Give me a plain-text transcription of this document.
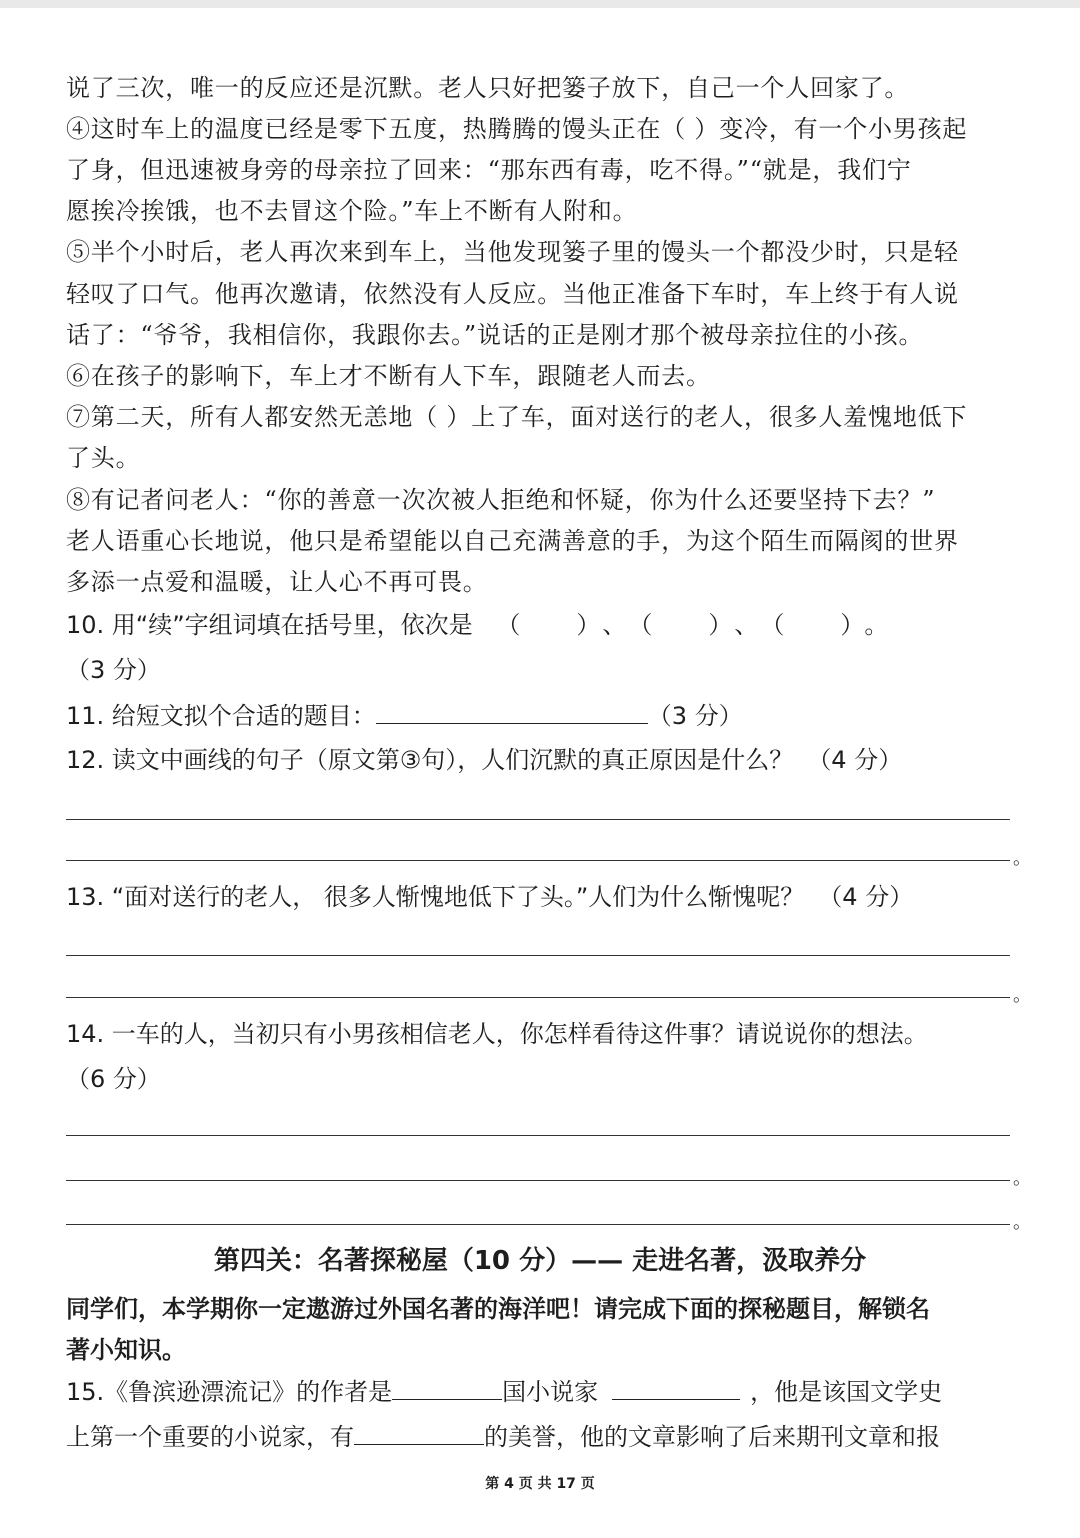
说了三次，唯一的反应还是沉默。老人只好把篓子放下，自己一个人回家了。
④这时车上的温度已经是零下五度，热腾腾的馒头正在（ ）变冷，有一个小男孩起
了身，但迅速被身旁的母亲拉了回来：“那东西有毒，吃不得。”“就是，我们宁
愿挨冷挨饿，也不去冒这个险。”车上不断有人附和。
⑤半个小时后，老人再次来到车上，当他发现篓子里的馒头一个都没少时，只是轻
轻叹了口气。他再次邀请，依然没有人反应。当他正准备下车时，车上终于有人说
话了：“爷爷，我相信你，我跟你去。”说话的正是刚才那个被母亲拉住的小孩。
⑥在孩子的影响下，车上才不断有人下车，跟随老人而去。
⑦第二天，所有人都安然无恙地（ ）上了车，面对送行的老人，很多人羞愧地低下
了头。
⑧有记者问老人：“你的善意一次次被人拒绝和怀疑，你为什么还要坚持下去？”
老人语重心长地说，他只是希望能以自己充满善意的手，为这个陌生而隔阂的世界
多添一点爱和温暖，让人心不再可畏。
10. 用“续”字组词填在括号里，依次是 （ ）、（ ）、（ ）。
（3 分）
11. 给短文拟个合适的题目：	（3 分）
12. 读文中画线的句子（原文第③句），人们沉默的真正原因是什么？ （4 分）
。
13. “面对送行的老人， 很多人惭愧地低下了头。”人们为什么惭愧呢？ （4 分）
。
14. 一车的人，当初只有小男孩相信老人，你怎样看待这件事？请说说你的想法。
（6 分）
。
。
第四关：名著探秘屋（10 分）—— 走进名著，汲取养分
同学们，本学期你一定遨游过外国名著的海洋吧！请完成下面的探秘题目，解锁名
著小知识。
15.《鲁滨逊漂流记》的作者是	国小说家	，他是该国文学史
上第一个重要的小说家，有	的美誉，他的文章影响了后来期刊文章和报
第 4 页 共 17 页
